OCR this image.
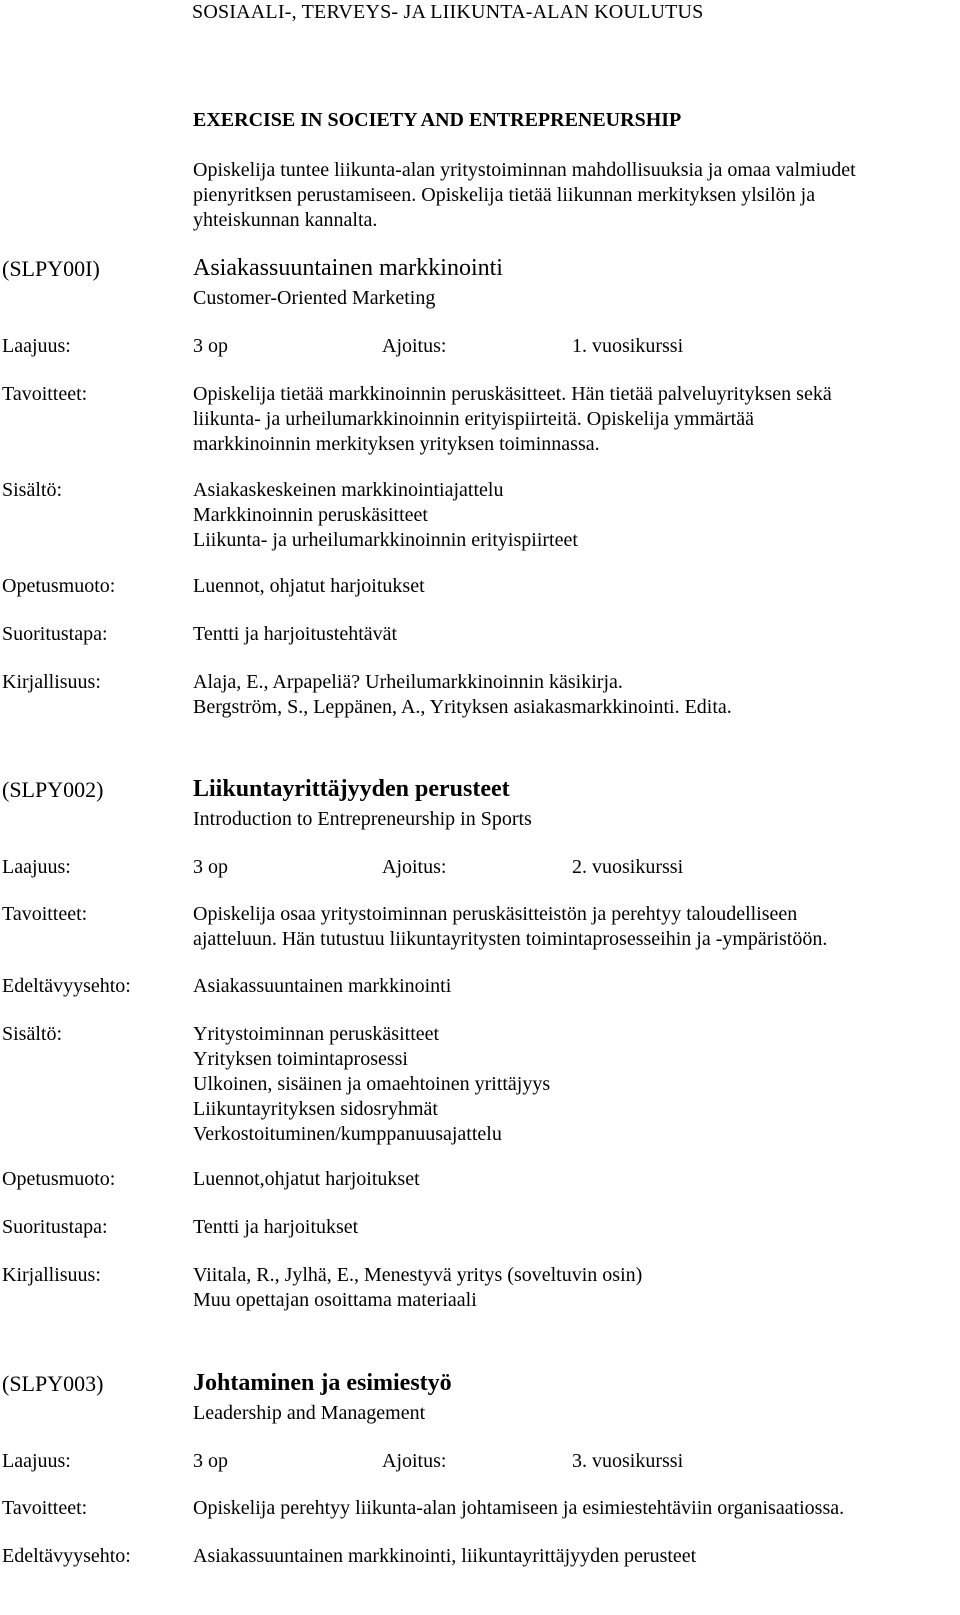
SOSIAALI-, TERVEYS- JA LIIKUNTA-ALAN KOULUTUS
EXERCISE IN SOCIETY AND ENTREPRENEURSHIP
Opiskelija tuntee liikunta-alan yritystoiminnan mahdollisuuksia ja omaa valmiudet
pienyritksen perustamiseen. Opiskelija tietää liikunnan merkityksen ylsilön ja
yhteiskunnan kannalta.
(SLPY00I)	Asiakassuuntainen markkinointi
Customer-Oriented Marketing
Laajuus:	3 op	Ajoitus:	1. vuosikurssi
Tavoitteet:	Opiskelija tietää markkinoinnin peruskäsitteet. Hän tietää palveluyrityksen sekä
liikunta- ja urheilumarkkinoinnin erityispiirteitä. Opiskelija ymmärtää
markkinoinnin merkityksen yrityksen toiminnassa.
Sisältö:	Asiakaskeskeinen markkinointiajattelu
Markkinoinnin peruskäsitteet
Liikunta- ja urheilumarkkinoinnin erityispiirteet
Opetusmuoto:	Luennot, ohjatut harjoitukset
Suoritustapa:	Tentti ja harjoitustehtävät
Kirjallisuus:	Alaja, E., Arpapeliä? Urheilumarkkinoinnin käsikirja.
Bergström, S., Leppänen, A., Yrityksen asiakasmarkkinointi. Edita.
(SLPY002)	Liikuntayrittäjyyden perusteet
Introduction to Entrepreneurship in Sports
Laajuus:	3 op	Ajoitus:	2. vuosikurssi
Tavoitteet:	Opiskelija osaa yritystoiminnan peruskäsitteistön ja perehtyy taloudelliseen
ajatteluun. Hän tutustuu liikuntayritysten toimintaprosesseihin ja -ympäristöön.
Edeltävyysehto:	Asiakassuuntainen markkinointi
Sisältö:	Yritystoiminnan peruskäsitteet
Yrityksen toimintaprosessi
Ulkoinen, sisäinen ja omaehtoinen yrittäjyys
Liikuntayrityksen sidosryhmät
Verkostoituminen/kumppanuusajattelu
Opetusmuoto:	Luennot,ohjatut harjoitukset
Suoritustapa:	Tentti ja harjoitukset
Kirjallisuus:	Viitala, R., Jylhä, E., Menestyvä yritys (soveltuvin osin)
Muu opettajan osoittama materiaali
(SLPY003)	Johtaminen ja esimiestyö
Leadership and Management
Laajuus:	3 op	Ajoitus:	3. vuosikurssi
Tavoitteet:	Opiskelija perehtyy liikunta-alan johtamiseen ja esimiestehtäviin organisaatiossa.
Edeltävyysehto:	Asiakassuuntainen markkinointi, liikuntayrittäjyyden perusteet
